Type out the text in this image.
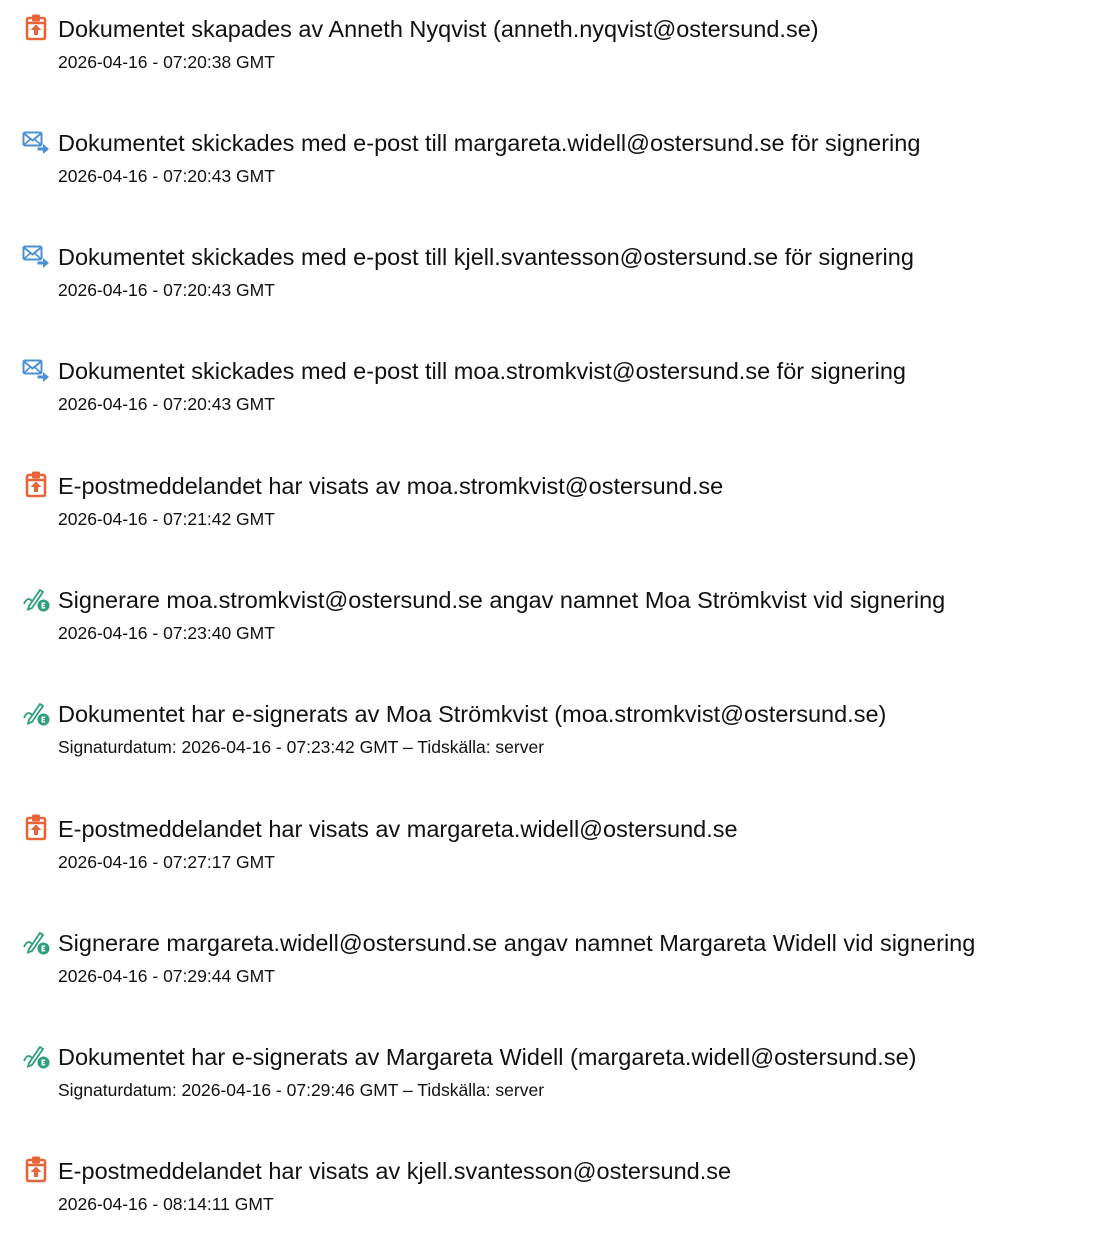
Dokumentet skapades av Anneth Nyqvist (anneth.nyqvist@ostersund.se)
2026-04-16 - 07:20:38 GMT
Dokumentet skickades med e-post till margareta.widell@ostersund.se för signering
2026-04-16 - 07:20:43 GMT
Dokumentet skickades med e-post till kjell.svantesson@ostersund.se för signering
2026-04-16 - 07:20:43 GMT
Dokumentet skickades med e-post till moa.stromkvist@ostersund.se för signering
2026-04-16 - 07:20:43 GMT
E-postmeddelandet har visats av moa.stromkvist@ostersund.se
2026-04-16 - 07:21:42 GMT
Signerare moa.stromkvist@ostersund.se angav namnet Moa Strömkvist vid signering
2026-04-16 - 07:23:40 GMT
Dokumentet har e-signerats av Moa Strömkvist (moa.stromkvist@ostersund.se)
Signaturdatum: 2026-04-16 - 07:23:42 GMT – Tidskälla: server
E-postmeddelandet har visats av margareta.widell@ostersund.se
2026-04-16 - 07:27:17 GMT
Signerare margareta.widell@ostersund.se angav namnet Margareta Widell vid signering
2026-04-16 - 07:29:44 GMT
Dokumentet har e-signerats av Margareta Widell (margareta.widell@ostersund.se)
Signaturdatum: 2026-04-16 - 07:29:46 GMT – Tidskälla: server
E-postmeddelandet har visats av kjell.svantesson@ostersund.se
2026-04-16 - 08:14:11 GMT
